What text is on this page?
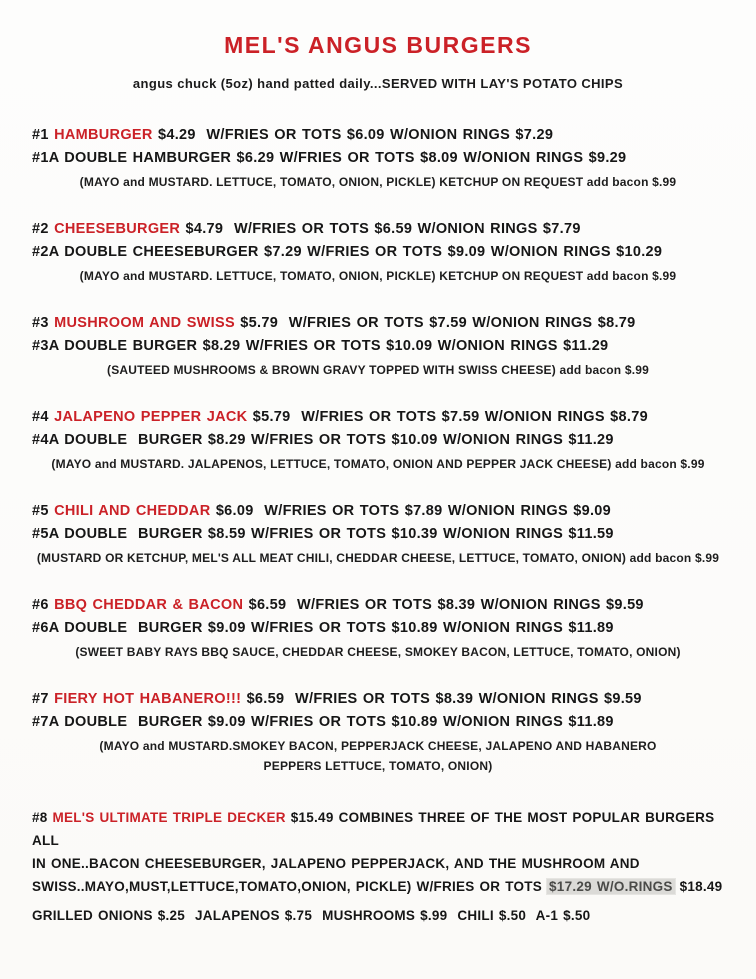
MEL'S ANGUS BURGERS
angus chuck (5oz) hand patted daily...SERVED WITH LAY'S POTATO CHIPS
#1 HAMBURGER $4.29  W/FRIES OR TOTS $6.09 W/ONION RINGS $7.29
#1A DOUBLE HAMBURGER $6.29 W/FRIES OR TOTS $8.09 W/ONION RINGS $9.29
(MAYO and MUSTARD. LETTUCE, TOMATO, ONION, PICKLE) KETCHUP ON REQUEST add bacon $.99
#2 CHEESEBURGER $4.79  W/FRIES OR TOTS $6.59 W/ONION RINGS $7.79
#2A DOUBLE CHEESEBURGER $7.29 W/FRIES OR TOTS $9.09 W/ONION RINGS $10.29
(MAYO and MUSTARD. LETTUCE, TOMATO, ONION, PICKLE) KETCHUP ON REQUEST add bacon $.99
#3 MUSHROOM AND SWISS $5.79  W/FRIES OR TOTS $7.59 W/ONION RINGS $8.79
#3A DOUBLE BURGER $8.29 W/FRIES OR TOTS $10.09 W/ONION RINGS $11.29
(SAUTEED MUSHROOMS & BROWN GRAVY TOPPED WITH SWISS CHEESE) add bacon $.99
#4 JALAPENO PEPPER JACK $5.79  W/FRIES OR TOTS $7.59 W/ONION RINGS $8.79
#4A DOUBLE  BURGER $8.29 W/FRIES OR TOTS $10.09 W/ONION RINGS $11.29
(MAYO and MUSTARD. JALAPENOS, LETTUCE, TOMATO, ONION AND PEPPER JACK CHEESE) add bacon $.99
#5 CHILI AND CHEDDAR $6.09  W/FRIES OR TOTS $7.89 W/ONION RINGS $9.09
#5A DOUBLE  BURGER $8.59 W/FRIES OR TOTS $10.39 W/ONION RINGS $11.59
(MUSTARD OR KETCHUP, MEL'S ALL MEAT CHILI, CHEDDAR CHEESE, LETTUCE, TOMATO, ONION) add bacon $.99
#6 BBQ CHEDDAR & BACON $6.59  W/FRIES OR TOTS $8.39 W/ONION RINGS $9.59
#6A DOUBLE  BURGER $9.09 W/FRIES OR TOTS $10.89 W/ONION RINGS $11.89
(SWEET BABY RAYS BBQ SAUCE, CHEDDAR CHEESE, SMOKEY BACON, LETTUCE, TOMATO, ONION)
#7 FIERY HOT HABANERO!!! $6.59  W/FRIES OR TOTS $8.39 W/ONION RINGS $9.59
#7A DOUBLE  BURGER $9.09 W/FRIES OR TOTS $10.89 W/ONION RINGS $11.89
(MAYO and MUSTARD.SMOKEY BACON, PEPPERJACK CHEESE, JALAPENO AND HABANERO PEPPERS LETTUCE, TOMATO, ONION)
#8 MEL'S ULTIMATE TRIPLE DECKER $15.49 COMBINES THREE OF THE MOST POPULAR BURGERS ALL
IN ONE..BACON CHEESEBURGER, JALAPENO PEPPERJACK, AND THE MUSHROOM AND
SWISS..MAYO,MUST,LETTUCE,TOMATO,ONION, PICKLE) W/FRIES OR TOTS $17.29 W/O.RINGS $18.49
GRILLED ONIONS $.25  JALAPENOS $.75  MUSHROOMS $.99  CHILI $.50  A-1 $.50
